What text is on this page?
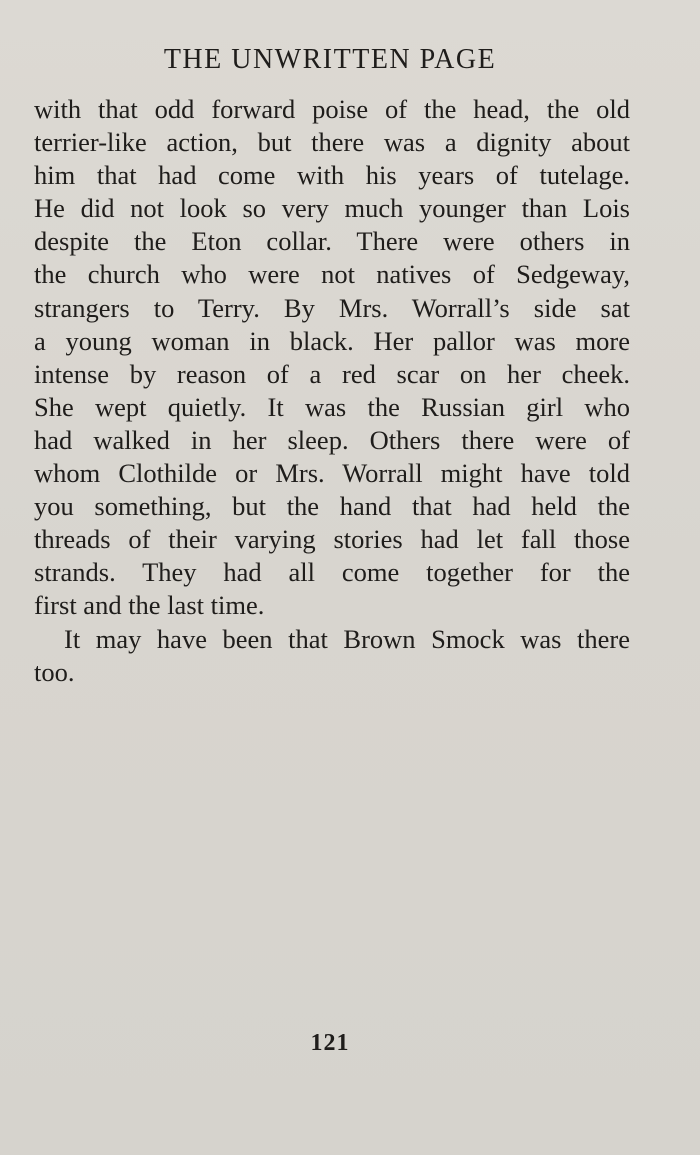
THE UNWRITTEN PAGE
with that odd forward poise of the head, the old
terrier-like action, but there was a dignity about
him that had come with his years of tutelage.
He did not look so very much younger than Lois
despite the Eton collar. There were others in
the church who were not natives of Sedgeway,
strangers to Terry. By Mrs. Worrall’s side sat
a young woman in black. Her pallor was more
intense by reason of a red scar on her cheek.
She wept quietly. It was the Russian girl who
had walked in her sleep. Others there were of
whom Clothilde or Mrs. Worrall might have told
you something, but the hand that had held the
threads of their varying stories had let fall those
strands. They had all come together for the
first and the last time.
It may have been that Brown Smock was there
too.
121
